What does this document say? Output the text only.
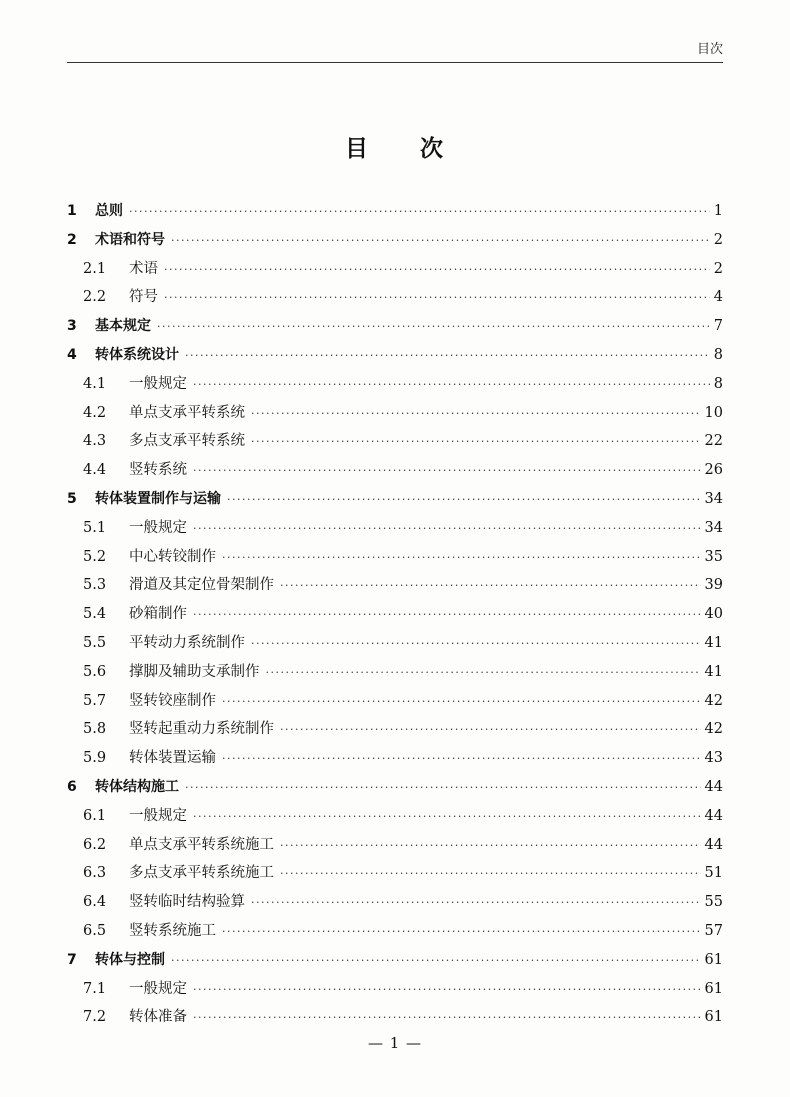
目次
目 次
1	总则 ·····	1
2	术语和符号 ·····	2
2.1	术语 ·····	2
2.2	符号 ·····	4
3	基本规定 ·····	7
4	转体系统设计 ·····	8
4.1	一般规定 ·····	8
4.2	单点支承平转系统 ·····	10
4.3	多点支承平转系统 ·····	22
4.4	竖转系统 ·····	26
5	转体装置制作与运输 ·····	34
5.1	一般规定 ·····	34
5.2	中心转铰制作 ·····	35
5.3	滑道及其定位骨架制作 ·····	39
5.4	砂箱制作 ·····	40
5.5	平转动力系统制作 ·····	41
5.6	撑脚及辅助支承制作 ·····	41
5.7	竖转铰座制作 ·····	42
5.8	竖转起重动力系统制作 ·····	42
5.9	转体装置运输 ·····	43
6	转体结构施工 ·····	44
6.1	一般规定 ·····	44
6.2	单点支承平转系统施工 ·····	44
6.3	多点支承平转系统施工 ·····	51
6.4	竖转临时结构验算 ·····	55
6.5	竖转系统施工 ·····	57
7	转体与控制 ·····	61
7.1	一般规定 ·····	61
7.2	转体准备 ·····	61
— 1 —
